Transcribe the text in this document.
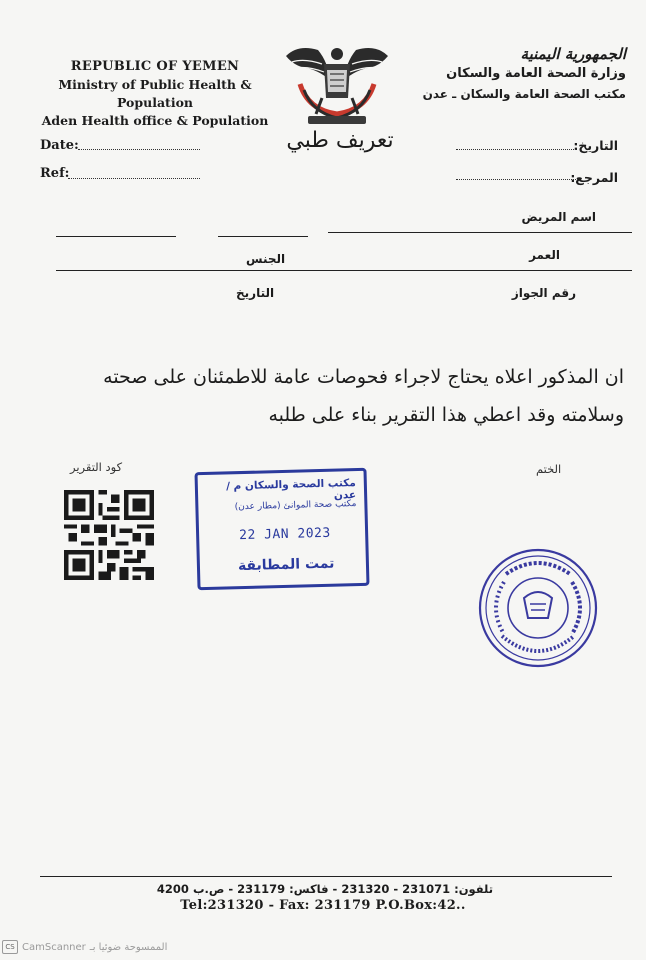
REPUBLIC OF YEMEN
Ministry of Public Health & Population
Aden Health office & Population
الجمهورية اليمنية
وزارة الصحة العامة والسكان
مكتب الصحة العامة والسكان ـ عدن
تعريف طبي
Date:
Ref:
التاريخ:
المرجع:
اسم المريض
العمر
الجنس
رقم الجواز
التاريخ
ان المذكور اعلاه يحتاج لاجراء فحوصات عامة للاطمئنان على صحته
وسلامته وقد اعطي هذا التقرير بناء على طلبه
كود التقرير	الختم
مكتب الصحة والسكان م / عدن
مكتب صحة الموانئ (مطار عدن)
22 JAN 2023
تمت المطابقة
تلفون: 231071 - 231320 - فاكس: 231179 - ص.ب 4200
Tel:231320 - Fax: 231179 P.O.Box:42..
CS CamScanner الممسوحة ضوئيا بـ
